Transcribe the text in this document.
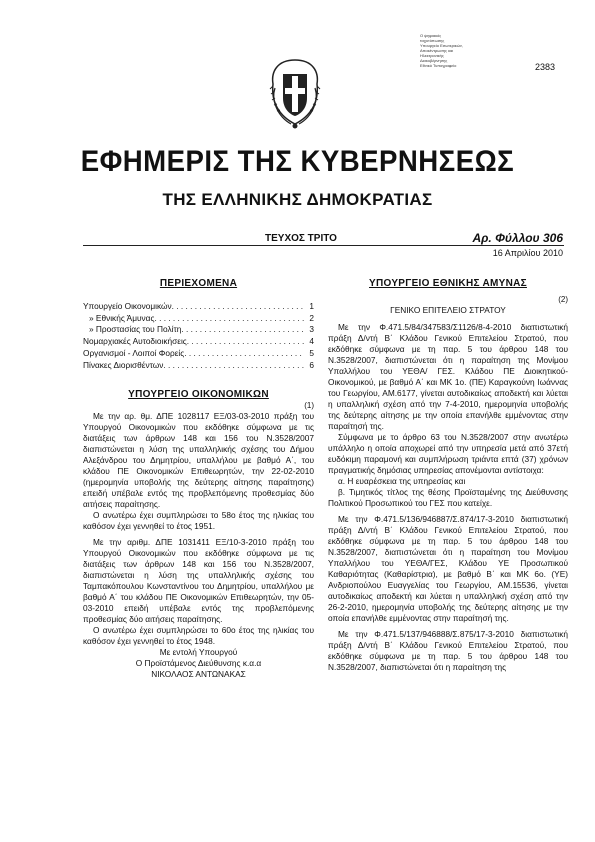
Ο ψηφιακός
ταχυτύπωσης
Υπουργείο Εσωτερικών,
Αποκέντρωσης και
Ηλεκτρονικής
Διακυβέρνησης
Εθνικό Τυπογραφείο	2383
ΕΦΗΜΕΡΙΣ ΤΗΣ ΚΥΒΕΡΝΗΣΕΩΣ
ΤΗΣ ΕΛΛΗΝΙΚΗΣ ΔΗΜΟΚΡΑΤΙΑΣ
ΤΕΥΧΟΣ ΤΡΙΤΟ	Αρ. Φύλλου 306
16 Απριλίου 2010
ΠΕΡΙΕΧΟΜΕΝΑ
Υπουργείο Οικονομικών . . .	1
» Εθνικής Άμυνας . . .	2
» Προστασίας του Πολίτη . . .	3
Νομαρχιακές Αυτοδιοικήσεις . . .	4
Οργανισμοί - Λοιποί Φορείς . . .	5
Πίνακες Διορισθέντων . . .	6
ΥΠΟΥΡΓΕΙΟ ΟΙΚΟΝΟΜΙΚΩΝ
(1)

Με την αρ. θμ. ΔΠΕ 1028117 ΕΞ/03-03-2010 πράξη του Υπουργού Οικονομικών που εκδόθηκε σύμφωνα με τις διατάξεις των άρθρων 148 και 156 του Ν.3528/2007 διαπιστώνεται η λύση της υπαλληλικής σχέσης του Δήμου Αλεξάνδρου του Δημητρίου, υπαλλήλου με βαθμό Α΄, του κλάδου ΠΕ Οικονομικών Επιθεωρητών, την 22-02-2010 (ημερομηνία υποβολής της δεύτερης αίτησης παραίτησης) επειδή υπέβαλε εντός της προβλεπόμενης προθεσμίας δύο αιτήσεις παραίτησης.

Ο ανωτέρω έχει συμπληρώσει το 58ο έτος της ηλικίας του καθόσον έχει γεννηθεί το έτος 1951.

Με την αριθμ. ΔΠΕ 1031411 ΕΞ/10-3-2010 πράξη του Υπουργού Οικονομικών που εκδόθηκε σύμφωνα με τις διατάξεις των άρθρων 148 και 156 του Ν.3528/2007, διαπιστώνεται η λύση της υπαλληλικής σχέσης του Ταμπακόπουλου Κωνσταντίνου του Δημητρίου, υπαλλήλου με βαθμό Α΄ του κλάδου ΠΕ Οικονομικών Επιθεωρητών, την 05-03-2010 επειδή υπέβαλε εντός της προβλεπόμενης προθεσμίας δύο αιτήσεις παραίτησης.

Ο ανωτέρω έχει συμπληρώσει το 60ο έτος της ηλικίας του καθόσον έχει γεννηθεί το έτος 1948.

Με εντολή Υπουργού
Ο Προϊστάμενος Διεύθυνσης κ.α.α
ΝΙΚΟΛΑΟΣ ΑΝΤΩΝΑΚΑΣ
ΥΠΟΥΡΓΕΙΟ ΕΘΝΙΚΗΣ ΑΜΥΝΑΣ
(2)
ΓΕΝΙΚΟ ΕΠΙΤΕΛΕΙΟ ΣΤΡΑΤΟΥ

Με την Φ.471.5/84/347583/Σ1126/8-4-2010 διαπιστωτική πράξη Δ/ντή Β΄ Κλάδου Γενικού Επιτελείου Στρατού, που εκδόθηκε σύμφωνα με τη παρ. 5 του άρθρου 148 του Ν.3528/2007, διαπιστώνεται ότι η παραίτηση της Μονίμου Υπαλλήλου του ΥΕΘΑ/ ΓΕΣ. Κλάδου ΠΕ Διοικητικού-Οικονομικού, με βαθμό Α΄ και ΜΚ 1ο. (ΠΕ) Καραγκούνη Ιωάννας του Γεωργίου, ΑΜ.6177, γίνεται αυτοδικαίως αποδεκτή και λύεται η υπαλληλική σχέση από την 7-4-2010, ημερομηνία υποβολής της δεύτερης αίτησης με την οποία επανήλθε εμμένοντας στην παραίτησή της.

Σύμφωνα με το άρθρο 63 του Ν.3528/2007 στην ανωτέρω υπάλληλο η οποία αποχωρεί από την υπηρεσία μετά από 37ετή ευδόκιμη παραμονή και συμπλήρωση τριάντα επτά (37) χρόνων πραγματικής δημόσιας υπηρεσίας απονέμονται αντίστοιχα:

α. Η ευαρέσκεια της υπηρεσίας και

β. Τιμητικός τίτλος της θέσης Προϊσταμένης της Διεύθυνσης Πολιτικού Προσωπικού του ΓΕΣ που κατείχε.

Με την Φ.471.5/136/946887/Σ.874/17-3-2010 διαπιστωτική πράξη Δ/ντή Β΄ Κλάδου Γενικού Επιτελείου Στρατού, που εκδόθηκε σύμφωνα με τη παρ. 5 του άρθρου 148 του Ν.3528/2007, διαπιστώνεται ότι η παραίτηση του Μονίμου Υπαλλήλου του ΥΕΘΑ/ΓΕΣ, Κλάδου ΥΕ Προσωπικού Καθαριότητας (Καθαρίστρια), με βαθμό Β΄ και ΜΚ 6ο. (ΥΕ) Ανδριοπούλου Ευαγγελίας του Γεωργίου, ΑΜ.15536, γίνεται αυτοδικαίως αποδεκτή και λύεται η υπαλληλική σχέση από την 26-2-2010, ημερομηνία υποβολής της δεύτερης αίτησης με την οποία επανήλθε εμμένοντας στην παραίτησή της.

Με την Φ.471.5/137/946888/Σ.875/17-3-2010 διαπιστωτική πράξη Δ/ντή Β΄ Κλάδου Γενικού Επιτελείου Στρατού, που εκδόθηκε σύμφωνα με τη παρ. 5 του άρθρου 148 του Ν.3528/2007, διαπιστώνεται ότι η παραίτηση της
